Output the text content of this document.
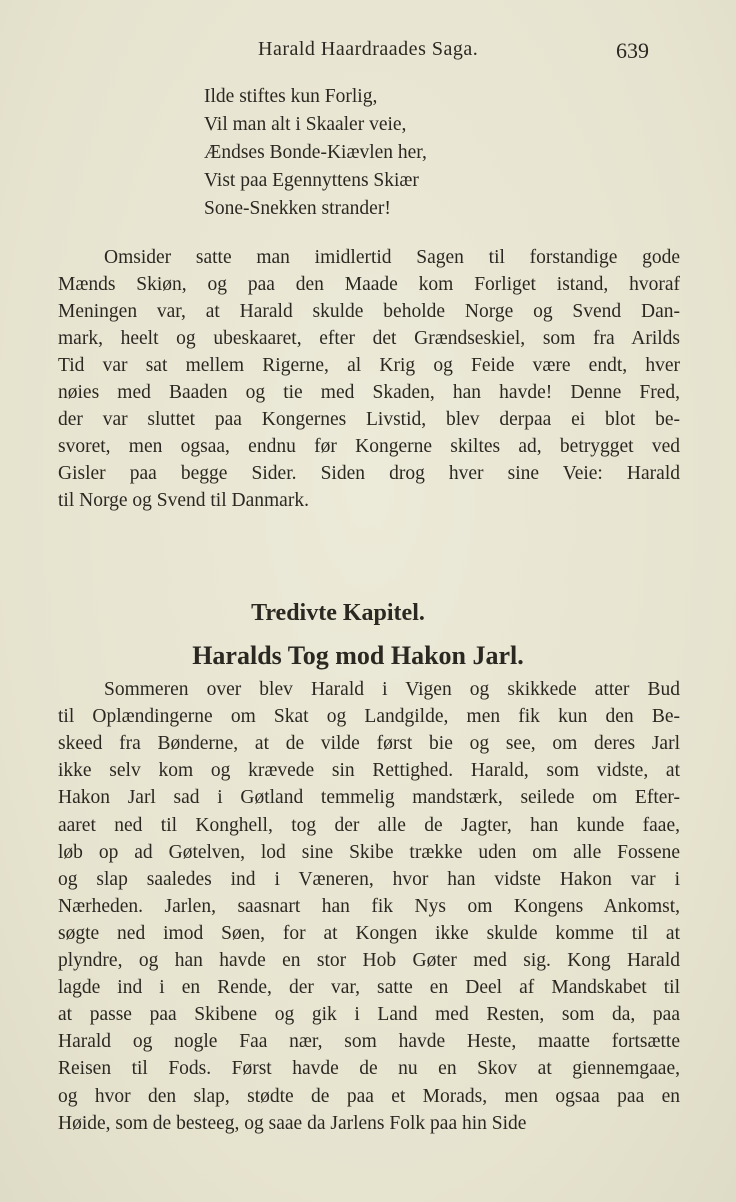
Harald Haardraades Saga.	639
Ilde stiftes kun Forlig,
Vil man alt i Skaaler veie,
Ændses Bonde-Kiævlen her,
Vist paa Egennyttens Skiær
Sone-Snekken strander!
Omsider satte man imidlertid Sagen til forstandige gode
Mænds Skiøn, og paa den Maade kom Forliget istand, hvoraf
Meningen var, at Harald skulde beholde Norge og Svend Dan-
mark, heelt og ubeskaaret, efter det Grændseskiel, som fra Arilds
Tid var sat mellem Rigerne, al Krig og Feide være endt, hver
nøies med Baaden og tie med Skaden, han havde! Denne Fred,
der var sluttet paa Kongernes Livstid, blev derpaa ei blot be-
svoret, men ogsaa, endnu før Kongerne skiltes ad, betrygget ved
Gisler paa begge Sider. Siden drog hver sine Veie: Harald
til Norge og Svend til Danmark.
Tredivte Kapitel.
Haralds Tog mod Hakon Jarl.
Sommeren over blev Harald i Vigen og skikkede atter Bud
til Oplændingerne om Skat og Landgilde, men fik kun den Be-
skeed fra Bønderne, at de vilde først bie og see, om deres Jarl
ikke selv kom og krævede sin Rettighed. Harald, som vidste, at
Hakon Jarl sad i Gøtland temmelig mandstærk, seilede om Efter-
aaret ned til Konghell, tog der alle de Jagter, han kunde faae,
løb op ad Gøtelven, lod sine Skibe trække uden om alle Fossene
og slap saaledes ind i Væneren, hvor han vidste Hakon var i
Nærheden. Jarlen, saasnart han fik Nys om Kongens Ankomst,
søgte ned imod Søen, for at Kongen ikke skulde komme til at
plyndre, og han havde en stor Hob Gøter med sig. Kong Harald
lagde ind i en Rende, der var, satte en Deel af Mandskabet til
at passe paa Skibene og gik i Land med Resten, som da, paa
Harald og nogle Faa nær, som havde Heste, maatte fortsætte
Reisen til Fods. Først havde de nu en Skov at giennemgaae,
og hvor den slap, stødte de paa et Morads, men ogsaa paa en
Høide, som de besteeg, og saae da Jarlens Folk paa hin Side
